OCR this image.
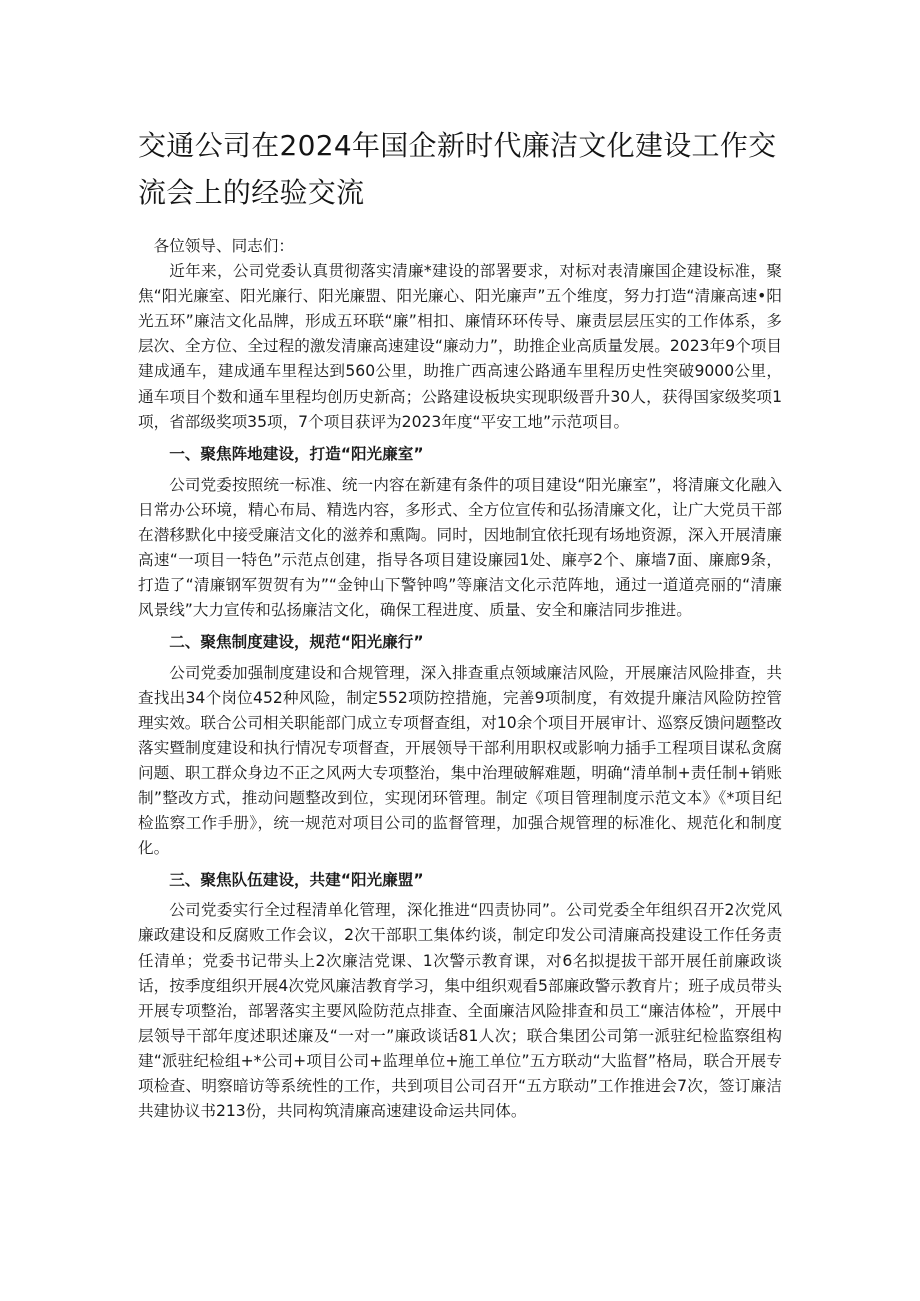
交通公司在2024年国企新时代廉洁文化建设工作交流会上的经验交流

各位领导、同志们：

近年来，公司党委认真贯彻落实清廉*建设的部署要求，对标对表清廉国企建设标准，聚焦“阳光廉室、阳光廉行、阳光廉盟、阳光廉心、阳光廉声”五个维度，努力打造“清廉高速•阳光五环”廉洁文化品牌，形成五环联“廉”相扣、廉情环环传导、廉责层层压实的工作体系，多层次、全方位、全过程的激发清廉高速建设“廉动力”，助推企业高质量发展。2023年9个项目建成通车，建成通车里程达到560公里，助推广西高速公路通车里程历史性突破9000公里，通车项目个数和通车里程均创历史新高；公路建设板块实现职级晋升30人，获得国家级奖项1项，省部级奖项35项，7个项目获评为2023年度“平安工地”示范项目。

一、聚焦阵地建设，打造“阳光廉室”

公司党委按照统一标准、统一内容在新建有条件的项目建设“阳光廉室”，将清廉文化融入日常办公环境，精心布局、精选内容，多形式、全方位宣传和弘扬清廉文化，让广大党员干部在潜移默化中接受廉洁文化的滋养和熏陶。同时，因地制宜依托现有场地资源，深入开展清廉高速“一项目一特色”示范点创建，指导各项目建设廉园1处、廉亭2个、廉墙7面、廉廊9条，打造了“清廉钢军贺贺有为”“金钟山下警钟鸣”等廉洁文化示范阵地，通过一道道亮丽的“清廉风景线”大力宣传和弘扬廉洁文化，确保工程进度、质量、安全和廉洁同步推进。

二、聚焦制度建设，规范“阳光廉行”

公司党委加强制度建设和合规管理，深入排查重点领域廉洁风险，开展廉洁风险排查，共查找出34个岗位452种风险，制定552项防控措施，完善9项制度，有效提升廉洁风险防控管理实效。联合公司相关职能部门成立专项督查组，对10余个项目开展审计、巡察反馈问题整改落实暨制度建设和执行情况专项督查，开展领导干部利用职权或影响力插手工程项目谋私贪腐问题、职工群众身边不正之风两大专项整治，集中治理破解难题，明确“清单制+责任制+销账制”整改方式，推动问题整改到位，实现闭环管理。制定《项目管理制度示范文本》《*项目纪检监察工作手册》，统一规范对项目公司的监督管理，加强合规管理的标准化、规范化和制度化。

三、聚焦队伍建设，共建“阳光廉盟”

公司党委实行全过程清单化管理，深化推进“四责协同”。公司党委全年组织召开2次党风廉政建设和反腐败工作会议，2次干部职工集体约谈，制定印发公司清廉高投建设工作任务责任清单；党委书记带头上2次廉洁党课、1次警示教育课，对6名拟提拔干部开展任前廉政谈话，按季度组织开展4次党风廉洁教育学习，集中组织观看5部廉政警示教育片；班子成员带头开展专项整治，部署落实主要风险防范点排查、全面廉洁风险排查和员工“廉洁体检”，开展中层领导干部年度述职述廉及“一对一”廉政谈话81人次；联合集团公司第一派驻纪检监察组构建“派驻纪检组+*公司+项目公司+监理单位+施工单位”五方联动“大监督”格局，联合开展专项检查、明察暗访等系统性的工作，共到项目公司召开“五方联动”工作推进会7次，签订廉洁共建协议书213份，共同构筑清廉高速建设命运共同体。
